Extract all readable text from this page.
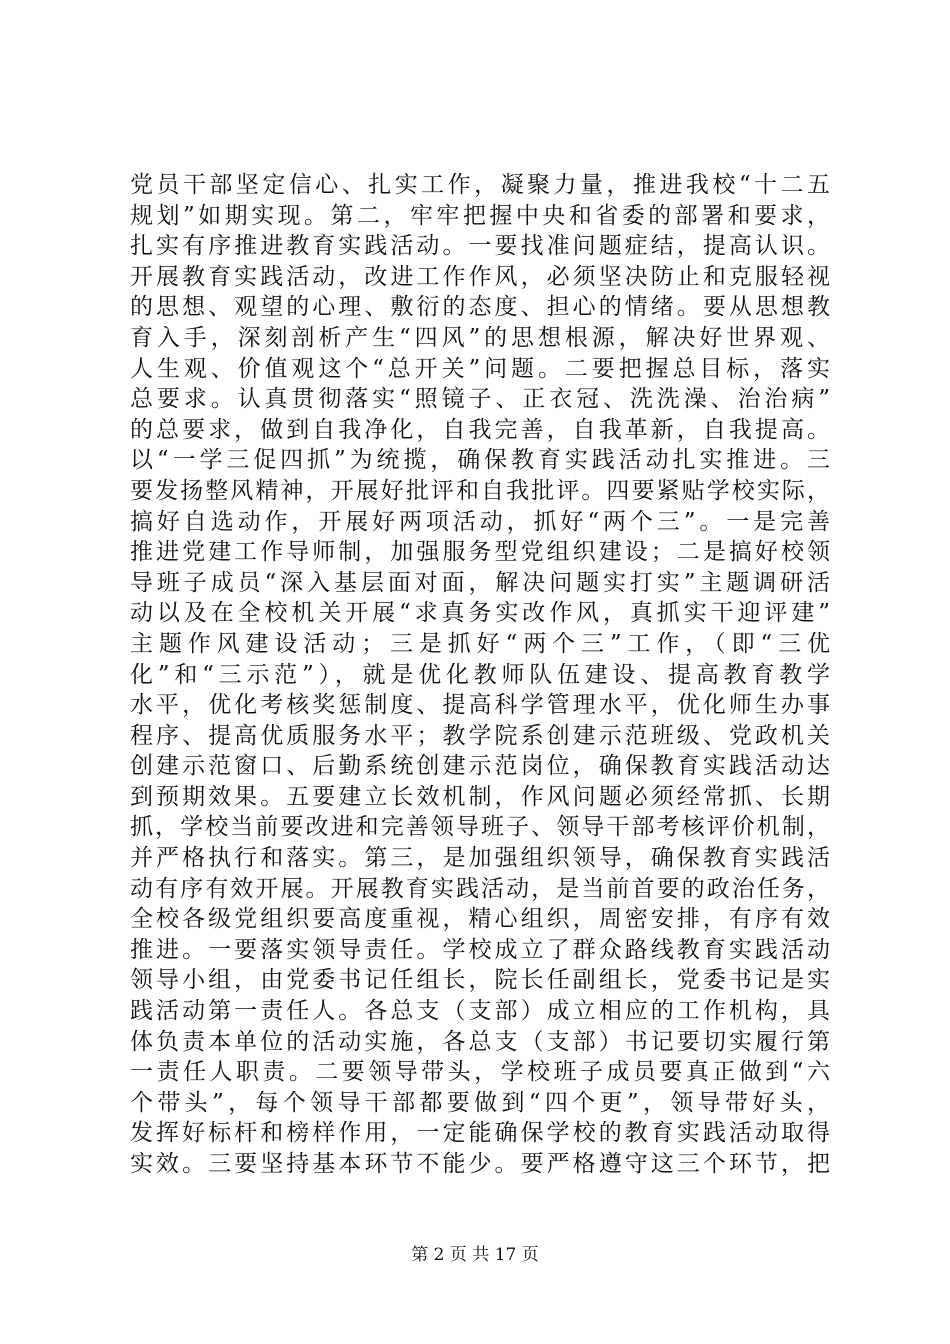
党员干部坚定信心、扎实工作，凝聚力量，推进我校“十二五
规划”如期实现。第二，牢牢把握中央和省委的部署和要求，
扎实有序推进教育实践活动。一要找准问题症结，提高认识。
开展教育实践活动，改进工作作风，必须坚决防止和克服轻视
的思想、观望的心理、敷衍的态度、担心的情绪。要从思想教
育入手，深刻剖析产生“四风”的思想根源，解决好世界观、
人生观、价值观这个“总开关”问题。二要把握总目标，落实
总要求。认真贯彻落实“照镜子、正衣冠、洗洗澡、治治病”
的总要求，做到自我净化，自我完善，自我革新，自我提高。
以“一学三促四抓”为统揽，确保教育实践活动扎实推进。三
要发扬整风精神，开展好批评和自我批评。四要紧贴学校实际，
搞好自选动作，开展好两项活动，抓好“两个三”。一是完善
推进党建工作导师制，加强服务型党组织建设；二是搞好校领
导班子成员“深入基层面对面，解决问题实打实”主题调研活
动以及在全校机关开展“求真务实改作风，真抓实干迎评建”
主题作风建设活动；三是抓好“两个三”工作，（即“三优
化”和“三示范”），就是优化教师队伍建设、提高教育教学
水平，优化考核奖惩制度、提高科学管理水平，优化师生办事
程序、提高优质服务水平；教学院系创建示范班级、党政机关
创建示范窗口、后勤系统创建示范岗位，确保教育实践活动达
到预期效果。五要建立长效机制，作风问题必须经常抓、长期
抓，学校当前要改进和完善领导班子、领导干部考核评价机制，
并严格执行和落实。第三，是加强组织领导，确保教育实践活
动有序有效开展。开展教育实践活动，是当前首要的政治任务，
全校各级党组织要高度重视，精心组织，周密安排，有序有效
推进。一要落实领导责任。学校成立了群众路线教育实践活动
领导小组，由党委书记任组长，院长任副组长，党委书记是实
践活动第一责任人。各总支（支部）成立相应的工作机构，具
体负责本单位的活动实施，各总支（支部）书记要切实履行第
一责任人职责。二要领导带头，学校班子成员要真正做到“六
个带头”，每个领导干部都要做到“四个更”，领导带好头，
发挥好标杆和榜样作用，一定能确保学校的教育实践活动取得
实效。三要坚持基本环节不能少。要严格遵守这三个环节，把
第 2 页 共 17 页
